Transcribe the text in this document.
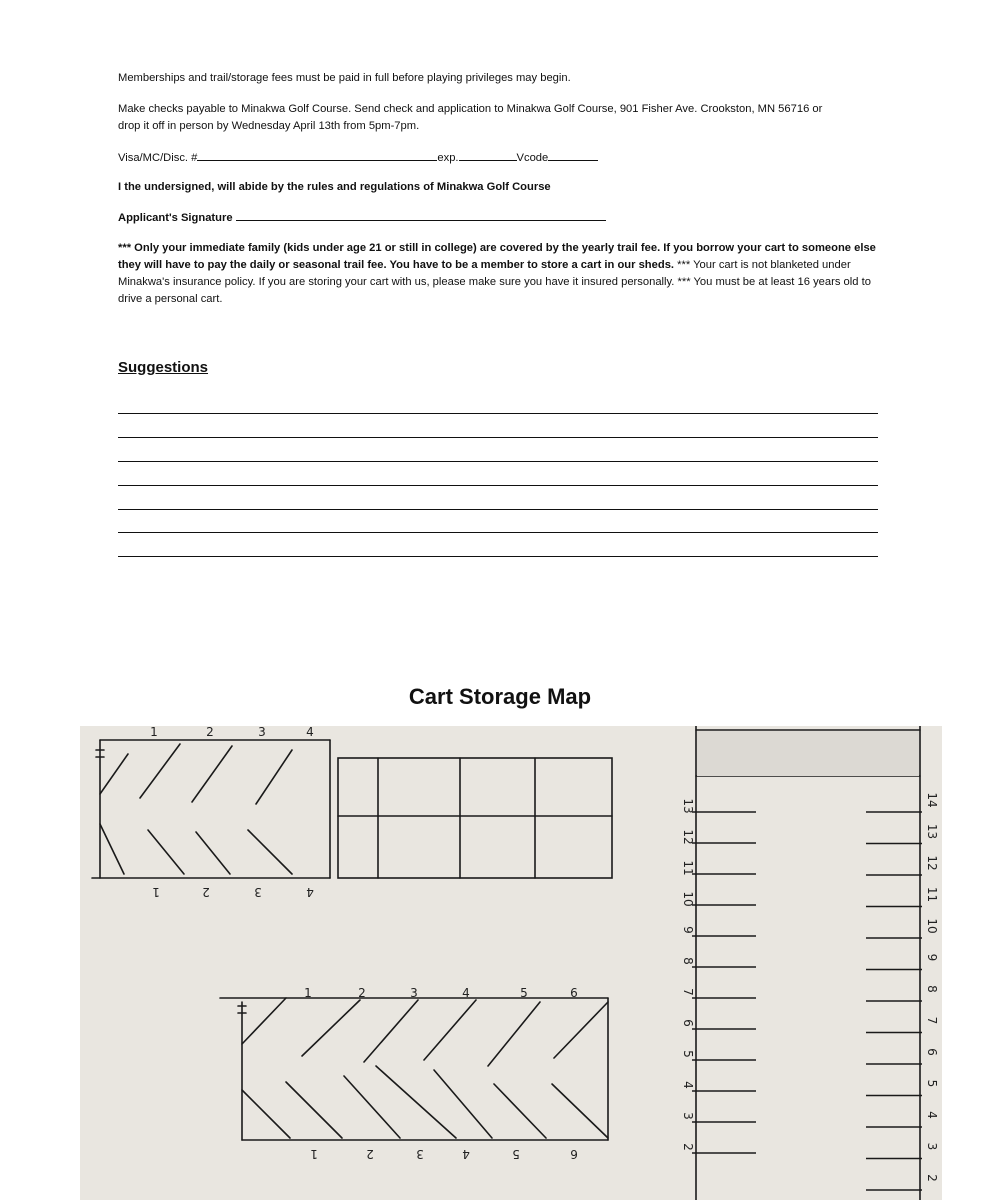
Memberships and trail/storage fees must be paid in full before playing privileges may begin.
Make checks payable to Minakwa Golf Course. Send check and application to Minakwa Golf Course, 901 Fisher Ave. Crookston, MN 56716 or
drop it off in person by Wednesday April 13th from 5pm-7pm.
Visa/MC/Disc. #	exp.	Vcode
I the undersigned, will abide by the rules and regulations of Minakwa Golf Course
Applicant's Signature
*** Only your immediate family (kids under age 21 or still in college) are covered by the yearly trail fee. If you borrow your cart to someone else they will have to pay the daily or seasonal trail fee. You have to be a member to store a cart in our sheds. *** Your cart is not blanketed under Minakwa's insurance policy. If you are storing your cart with us, please make sure you have it insured personally. *** You must be at least 16 years old to drive a personal cart.
Suggestions
Cart Storage Map
1	2	3	4
1	2	3	4
1	2	3	4	5	6
1	2	3	4	5	6
13
12
11
10
9
8
7
6
5
4
3
2
14
13
12
11
10
9
8
7
6
5
4
3
2
